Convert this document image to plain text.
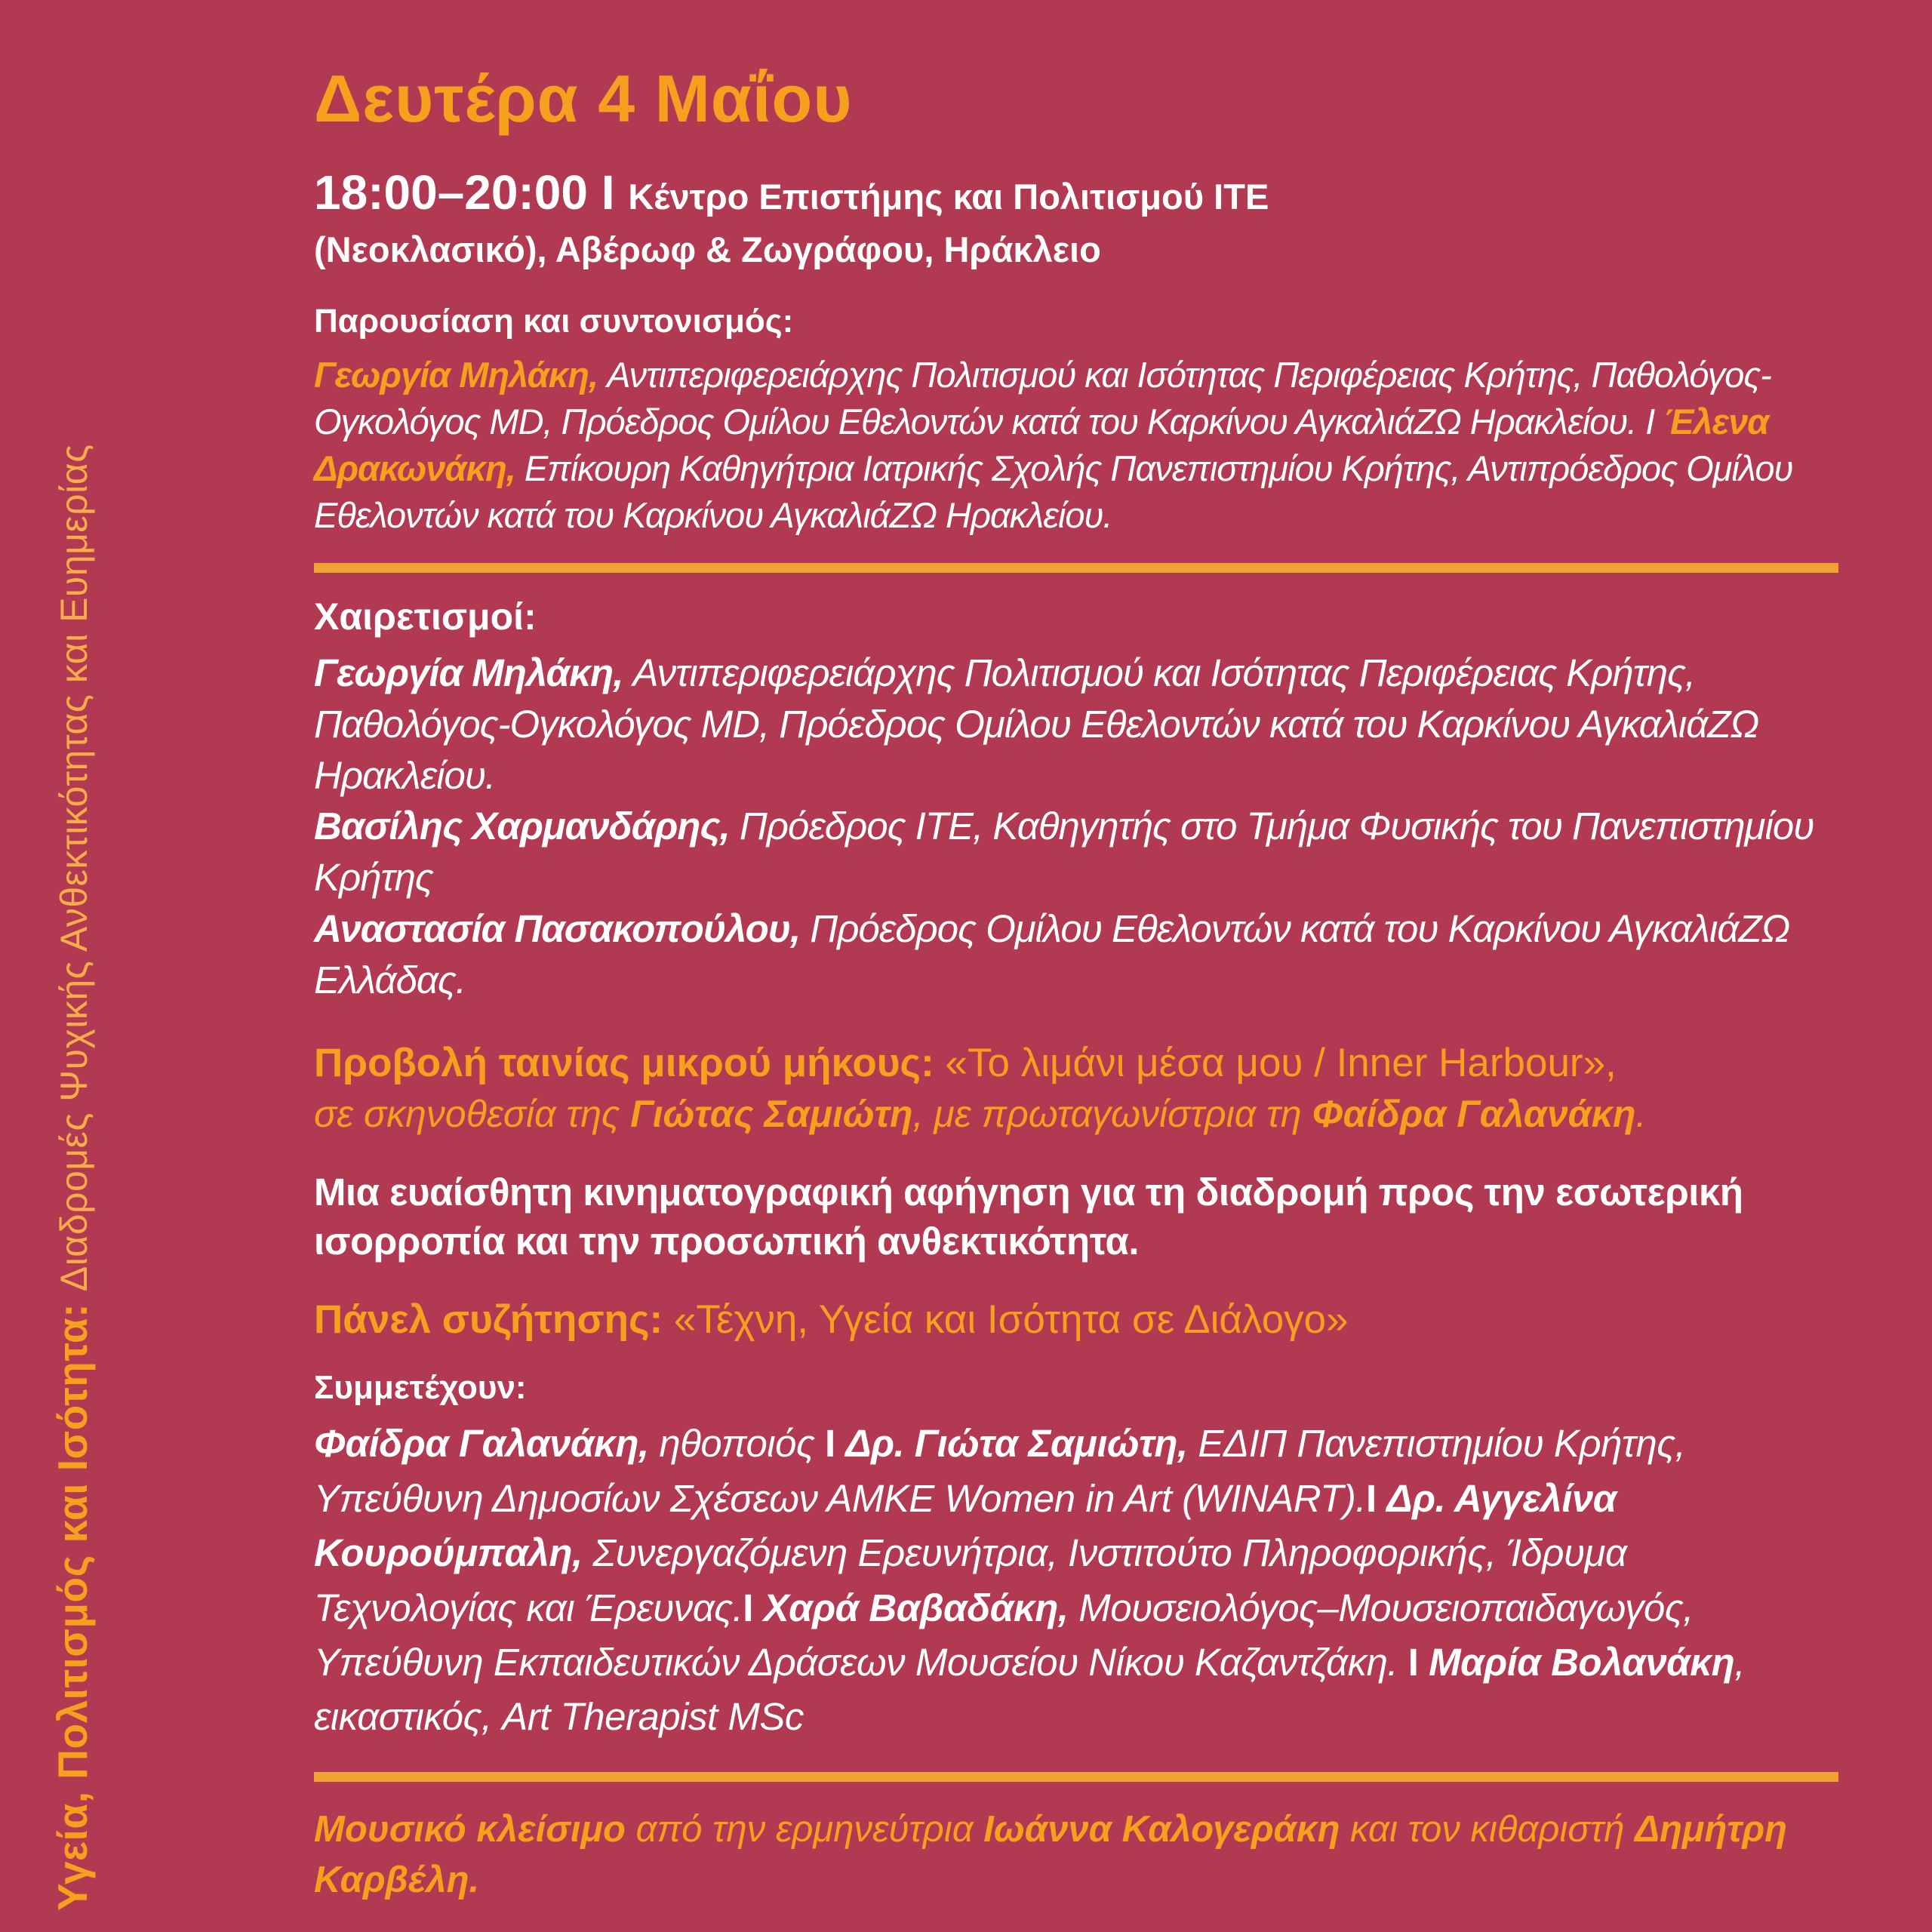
Υγεία, Πολιτισμός και Ισότητα: Διαδρομές Ψυχικής Ανθεκτικότητας και Ευημερίας

Δευτέρα 4 Μαΐου

18:00–20:00 Ι Κέντρο Επιστήμης και Πολιτισμού ΙΤΕ

(Νεοκλασικό), Αβέρωφ & Ζωγράφου, Ηράκλειο

Παρουσίαση και συντονισμός:

Γεωργία Μηλάκη, Αντιπεριφερειάρχης Πολιτισμού και Ισότητας Περιφέρειας Κρήτης, Παθολόγος-Ογκολόγος MD, Πρόεδρος Ομίλου Εθελοντών κατά του Καρκίνου ΑγκαλιάΖΩ Ηρακλείου. Ι Έλενα Δρακωνάκη, Επίκουρη Καθηγήτρια Ιατρικής Σχολής Πανεπιστημίου Κρήτης, Αντιπρόεδρος Ομίλου Εθελοντών κατά του Καρκίνου ΑγκαλιάΖΩ Ηρακλείου.

Χαιρετισμοί:

Γεωργία Μηλάκη, Αντιπεριφερειάρχης Πολιτισμού και Ισότητας Περιφέρειας Κρήτης, Παθολόγος-Ογκολόγος MD, Πρόεδρος Ομίλου Εθελοντών κατά του Καρκίνου ΑγκαλιάΖΩ Ηρακλείου.

Βασίλης Χαρμανδάρης, Πρόεδρος ΙΤΕ, Καθηγητής στο Τμήμα Φυσικής του Πανεπιστημίου Κρήτης

Αναστασία Πασακοπούλου, Πρόεδρος Ομίλου Εθελοντών κατά του Καρκίνου ΑγκαλιάΖΩ Ελλάδας.

Προβολή ταινίας μικρού μήκους: «Το λιμάνι μέσα μου / Inner Harbour»,

σε σκηνοθεσία της Γιώτας Σαμιώτη, με πρωταγωνίστρια τη Φαίδρα Γαλανάκη.

Μια ευαίσθητη κινηματογραφική αφήγηση για τη διαδρομή προς την εσωτερική ισορροπία και την προσωπική ανθεκτικότητα.

Πάνελ συζήτησης: «Τέχνη, Υγεία και Ισότητα σε Διάλογο»

Συμμετέχουν:

Φαίδρα Γαλανάκη, ηθοποιός Ι Δρ. Γιώτα Σαμιώτη, ΕΔΙΠ Πανεπιστημίου Κρήτης, Υπεύθυνη Δημοσίων Σχέσεων ΑΜΚΕ Women in Art (WINART).Ι Δρ. Αγγελίνα Κουρούμπαλη, Συνεργαζόμενη Ερευνήτρια, Ινστιτούτο Πληροφορικής, Ίδρυμα Τεχνολογίας και Έρευνας.Ι Χαρά Βαβαδάκη, Μουσειολόγος–Μουσειοπαιδαγωγός, Υπεύθυνη Εκπαιδευτικών Δράσεων Μουσείου Νίκου Καζαντζάκη. Ι Μαρία Βολανάκη, εικαστικός, Art Therapist MSc

Μουσικό κλείσιμο από την ερμηνεύτρια Ιωάννα Καλογεράκη και τον κιθαριστή Δημήτρη Καρβέλη.
